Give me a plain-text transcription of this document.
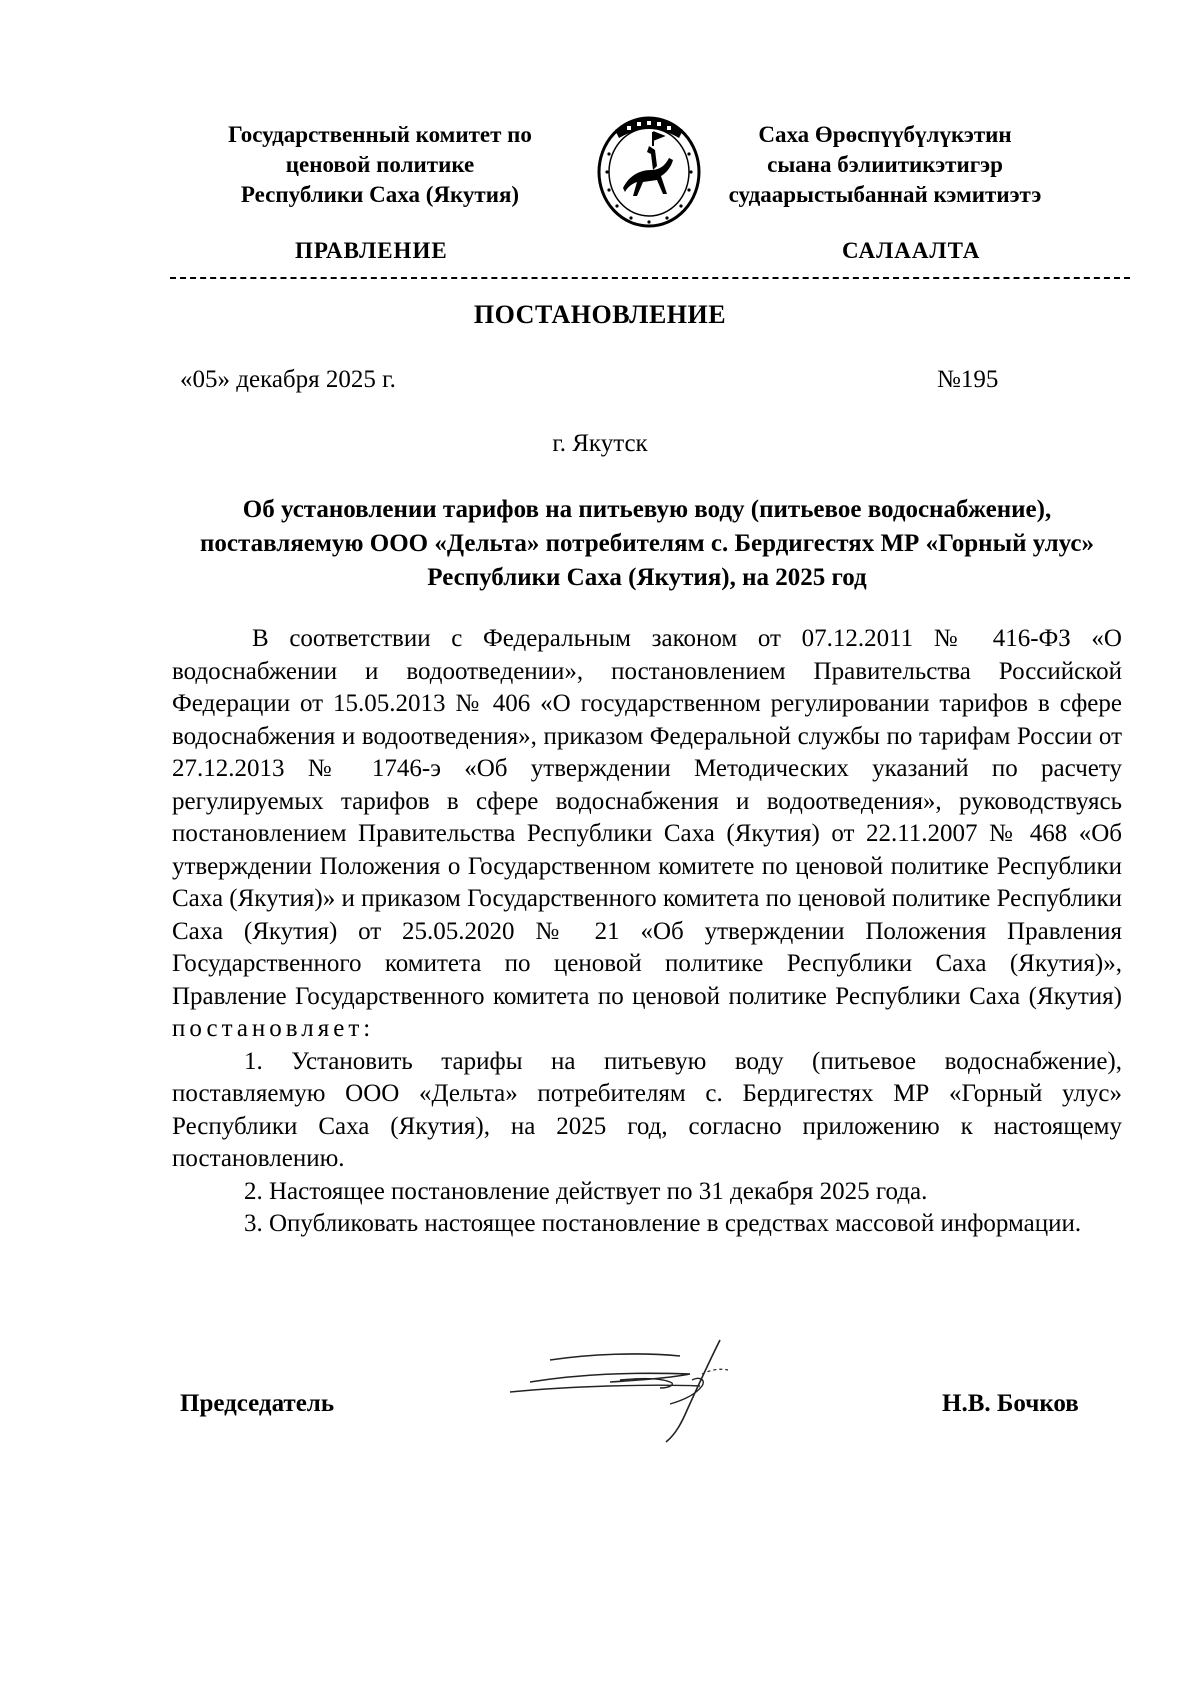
Государственный комитет по
ценовой политике
Республики Саха (Якутия)
Саха Өрөспүүбүлүкэтин
сыана бэлиитикэтигэр
судаарыстыбаннай кэмитиэтэ
ПРАВЛЕНИЕ	САЛААЛТА
ПОСТАНОВЛЕНИЕ
«05» декабря 2025 г.	№195
г. Якутск
Об установлении тарифов на питьевую воду (питьевое водоснабжение), поставляемую ООО «Дельта» потребителям с. Бердигестях МР «Горный улус» Республики Саха (Якутия), на 2025 год

В соответствии с Федеральным законом от 07.12.2011 № 416-ФЗ «О водоснабжении и водоотведении», постановлением Правительства Российской Федерации от 15.05.2013 № 406 «О государственном регулировании тарифов в сфере водоснабжения и водоотведения», приказом Федеральной службы по тарифам России от 27.12.2013 № 1746-э «Об утверждении Методических указаний по расчету регулируемых тарифов в сфере водоснабжения и водоотведения», руководствуясь постановлением Правительства Республики Саха (Якутия) от 22.11.2007 № 468 «Об утверждении Положения о Государственном комитете по ценовой политике Республики Саха (Якутия)» и приказом Государственного комитета по ценовой политике Республики Саха (Якутия) от 25.05.2020 № 21 «Об утверждении Положения Правления Государственного комитета по ценовой политике Республики Саха (Якутия)», Правление Государственного комитета по ценовой политике Республики Саха (Якутия) постановляет:

1. Установить тарифы на питьевую воду (питьевое водоснабжение), поставляемую ООО «Дельта» потребителям с. Бердигестях МР «Горный улус» Республики Саха (Якутия), на 2025 год, согласно приложению к настоящему постановлению.

2. Настоящее постановление действует по 31 декабря 2025 года.

3. Опубликовать настоящее постановление в средствах массовой информации.

Председатель	Н.В. Бочков
